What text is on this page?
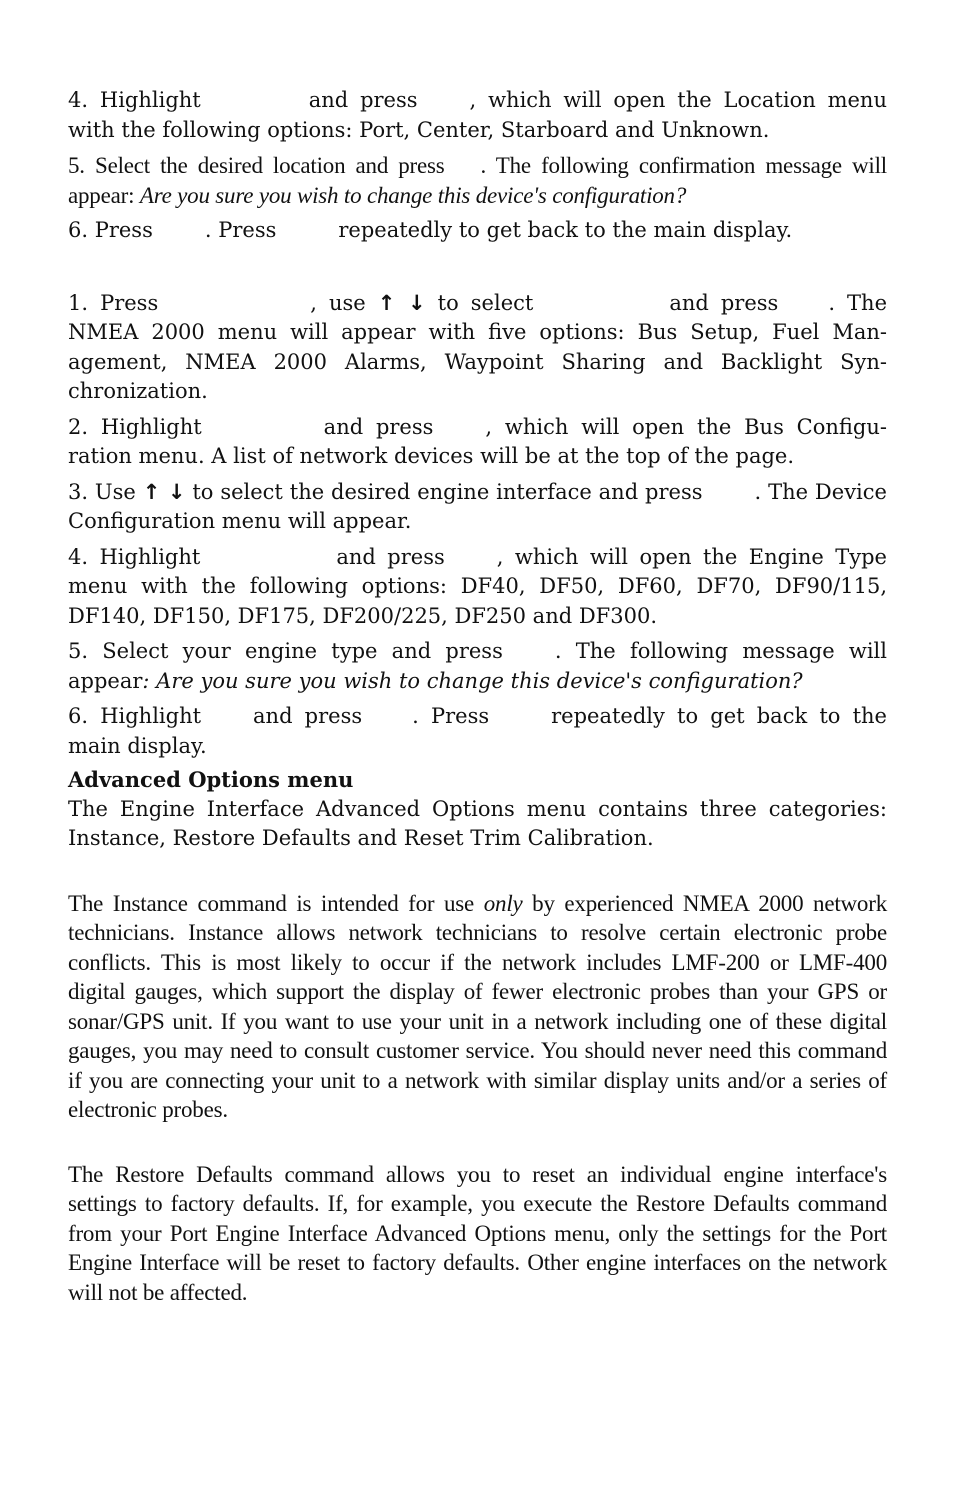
4. Highlight	and press , which will open the Location menu with the following options: Port, Center, Starboard and Unknown.

5. Select the desired location and press . The following confirmation message will appear: Are you sure you wish to change this device's configuration?

6. Press . Press	repeatedly to get back to the main display.

1. Press	, use ↑ ↓ to select	and press . The NMEA 2000 menu will appear with five options: Bus Setup, Fuel Management, NMEA 2000 Alarms, Waypoint Sharing and Backlight Synchronization.

2. Highlight	and press , which will open the Bus Configuration menu. A list of network devices will be at the top of the page.

3. Use ↑ ↓ to select the desired engine interface and press . The Device Configuration menu will appear.

4. Highlight	and press , which will open the Engine Type menu with the following options: DF40, DF50, DF60, DF70, DF90/115, DF140, DF150, DF175, DF200/225, DF250 and DF300.

5. Select your engine type and press . The following message will appear: Are you sure you wish to change this device's configuration?

6. Highlight and press . Press	repeatedly to get back to the main display.

Advanced Options menu

The Engine Interface Advanced Options menu contains three categories: Instance, Restore Defaults and Reset Trim Calibration.

The Instance command is intended for use only by experienced NMEA 2000 network technicians. Instance allows network technicians to resolve certain electronic probe conflicts. This is most likely to occur if the network includes LMF-200 or LMF-400 digital gauges, which support the display of fewer electronic probes than your GPS or sonar/GPS unit. If you want to use your unit in a network including one of these digital gauges, you may need to consult customer service. You should never need this command if you are connecting your unit to a network with similar display units and/or a series of electronic probes.

The Restore Defaults command allows you to reset an individual engine interface's settings to factory defaults. If, for example, you execute the Restore Defaults command from your Port Engine Interface Advanced Options menu, only the settings for the Port Engine Interface will be reset to factory defaults. Other engine interfaces on the network will not be affected.
